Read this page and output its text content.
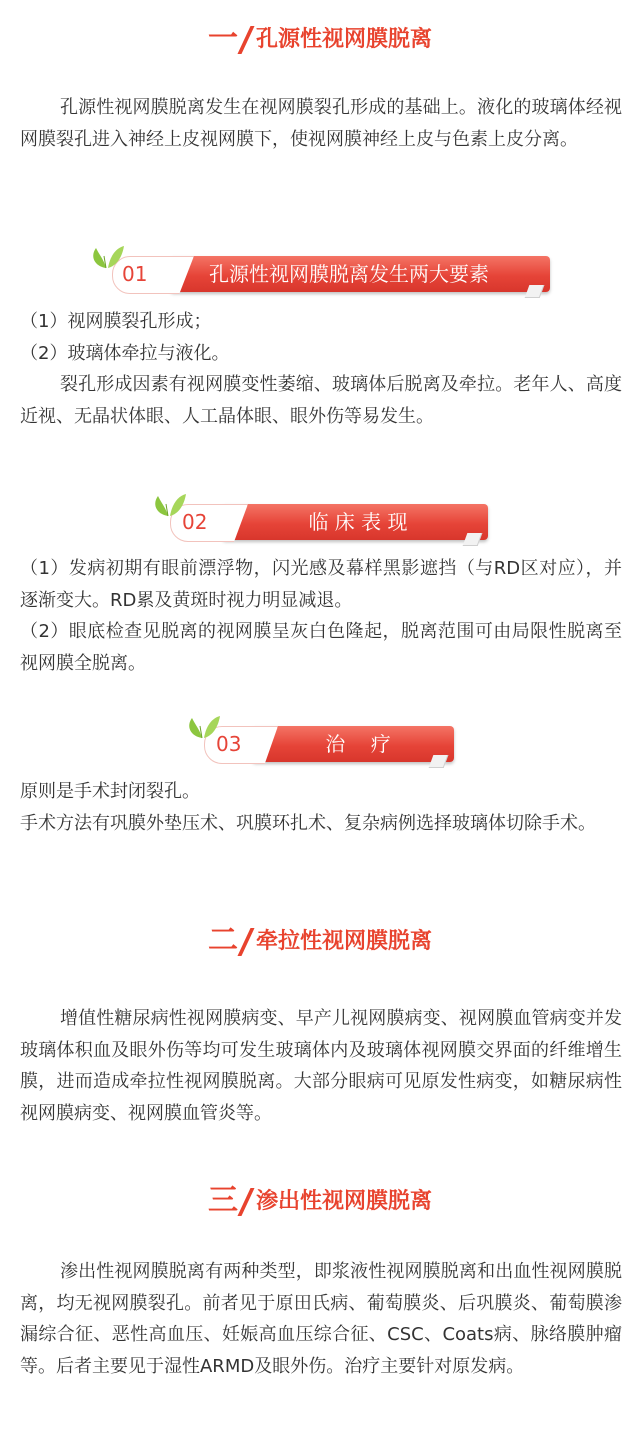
一 孔源性视网膜脱离

孔源性视网膜脱离发生在视网膜裂孔形成的基础上。液化的玻璃体经视网膜裂孔进入神经上皮视网膜下，使视网膜神经上皮与色素上皮分离。

01	孔源性视网膜脱离发生两大要素

（1）视网膜裂孔形成；

（2）玻璃体牵拉与液化。

裂孔形成因素有视网膜变性萎缩、玻璃体后脱离及牵拉。老年人、高度近视、无晶状体眼、人工晶体眼、眼外伤等易发生。

02	临 床 表 现

（1）发病初期有眼前漂浮物，闪光感及幕样黑影遮挡（与RD区对应），并逐渐变大。RD累及黄斑时视力明显减退。

（2）眼底检查见脱离的视网膜呈灰白色隆起，脱离范围可由局限性脱离至视网膜全脱离。

03	治    疗

原则是手术封闭裂孔。

手术方法有巩膜外垫压术、巩膜环扎术、复杂病例选择玻璃体切除手术。

二 牵拉性视网膜脱离

增值性糖尿病性视网膜病变、早产儿视网膜病变、视网膜血管病变并发玻璃体积血及眼外伤等均可发生玻璃体内及玻璃体视网膜交界面的纤维增生膜，进而造成牵拉性视网膜脱离。大部分眼病可见原发性病变，如糖尿病性视网膜病变、视网膜血管炎等。

三 渗出性视网膜脱离

渗出性视网膜脱离有两种类型，即浆液性视网膜脱离和出血性视网膜脱离，均无视网膜裂孔。前者见于原田氏病、葡萄膜炎、后巩膜炎、葡萄膜渗漏综合征、恶性高血压、妊娠高血压综合征、CSC、Coats病、脉络膜肿瘤等。后者主要见于湿性ARMD及眼外伤。治疗主要针对原发病。
